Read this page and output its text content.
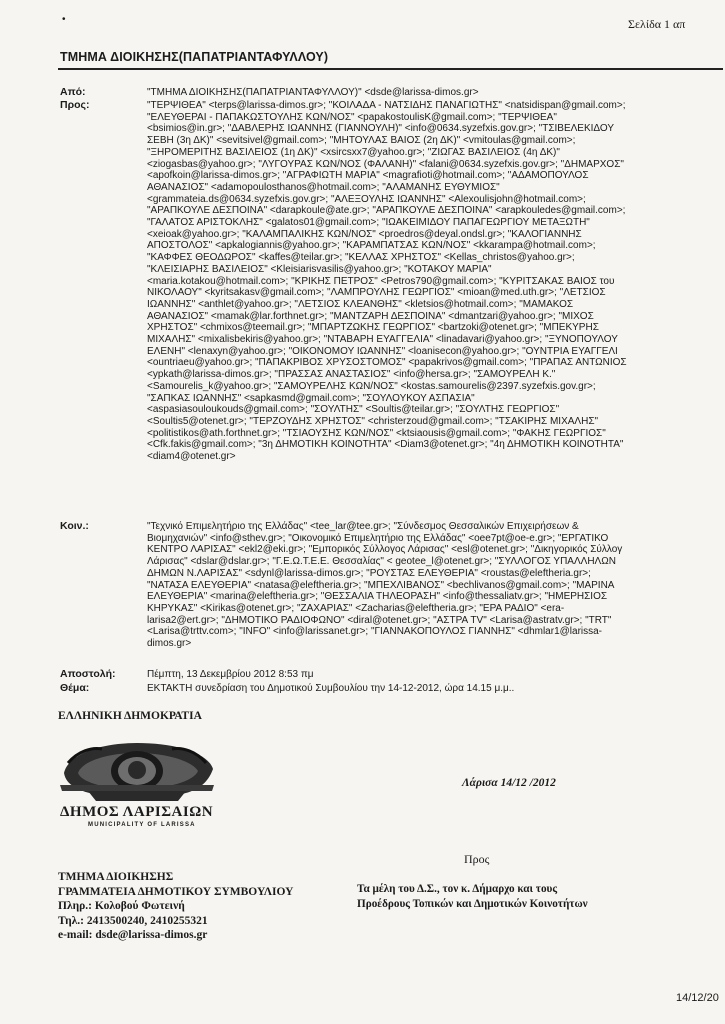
Σελίδα 1 απ
•
ΤΜΗΜΑ ΔΙΟΙΚΗΣΗΣ(ΠΑΠΑΤΡΙΑΝΤΑΦΥΛΛΟΥ)
Από:	"ΤΜΗΜΑ ΔΙΟΙΚΗΣΗΣ(ΠΑΠΑΤΡΙΑΝΤΑΦΥΛΛΟΥ)" <dsde@larissa-dimos.gr>
Προς:	"ΤΕΡΨΙΘΕΑ" <terps@larissa-dimos.gr>; "ΚΟΙΛΑΔΑ - ΝΑΤΣΙΔΗΣ ΠΑΝΑΓΙΩΤΗΣ" <natsidispan@gmail.com>;
"ΕΛΕΥΘΕΡΑΙ - ΠΑΠΑΚΩΣΤΟΥΛΗΣ ΚΩΝ/ΝΟΣ" <papakostoulisK@gmail.com>; "ΤΕΡΨΙΘΕΑ"
<bsimios@in.gr>; "ΔΑΒΛΕΡΗΣ ΙΩΑΝΝΗΣ (ΓΙΑΝΝΟΥΛΗ)" <info@0634.syzefxis.gov.gr>; "ΤΣΙΒΕΛΕΚΙΔΟΥ
ΣΕΒΗ (3η ΔΚ)" <sevitsivel@gmail.com>; "ΜΗΤΟΥΛΑΣ ΒΑΙΟΣ (2η ΔΚ)" <vmitoulas@gmail.com>;
"ΞΗΡΟΜΕΡΙΤΗΣ ΒΑΣΙΛΕΙΟΣ (1η ΔΚ)" <xsircsxx7@yahoo.gr>; "ΖΙΩΓΑΣ ΒΑΣΙΛΕΙΟΣ (4η ΔΚ)"
<ziogasbas@yahoo.gr>; "ΛΥΓΟΥΡΑΣ ΚΩΝ/ΝΟΣ (ΦΑΛΑΝΗ)" <falani@0634.syzefxis.gov.gr>; "ΔΗΜΑΡΧΟΣ"
<apofkoin@larissa-dimos.gr>; "ΑΓΡΑΦΙΩΤΗ ΜΑΡΙΑ" <magrafioti@hotmail.com>; "ΑΔΑΜΟΠΟΥΛΟΣ
ΑΘΑΝΑΣΙΟΣ" <adamopoulosthanos@hotmail.com>; "ΑΛΑΜΑΝΗΣ ΕΥΘΥΜΙΟΣ"
<grammateia.ds@0634.syzefxis.gov.gr>; "ΑΛΕΞΟΥΛΗΣ ΙΩΑΝΝΗΣ" <Alexoulisjohn@hotmail.com>;
"ΑΡΑΠΚΟΥΛΕ ΔΕΣΠΟΙΝΑ" <darapkoule@ate.gr>; "ΑΡΑΠΚΟΥΛΕ ΔΕΣΠΟΙΝΑ" <arapkouledes@gmail.com>;
"ΓΑΛΑΤΟΣ ΑΡΙΣΤΟΚΛΗΣ" <galatos01@gmail.com>; "ΙΩΑΚΕΙΜΙΔΟΥ ΠΑΠΑΓΕΩΡΓΙΟΥ ΜΕΤΑΞΩΤΗ"
<xeioak@yahoo.gr>; "ΚΑΛΑΜΠΑΛΙΚΗΣ ΚΩΝ/ΝΟΣ" <proedros@deyal.ondsl.gr>; "ΚΑΛΟΓΙΑΝΝΗΣ
ΑΠΟΣΤΟΛΟΣ" <apkalogiannis@yahoo.gr>; "ΚΑΡΑΜΠΑΤΣΑΣ ΚΩΝ/ΝΟΣ" <kkarampa@hotmail.com>;
"ΚΑΦΦΕΣ ΘΕΟΔΩΡΟΣ" <kaffes@teilar.gr>; "ΚΕΛΛΑΣ ΧΡΗΣΤΟΣ" <Kellas_christos@yahoo.gr>;
"ΚΛΕΙΣΙΑΡΗΣ ΒΑΣΙΛΕΙΟΣ" <Kleisiarisvasilis@yahoo.gr>; "ΚΟΤΑΚΟΥ ΜΑΡΙΑ"
<maria.kotakou@hotmail.com>; "ΚΡΙΚΗΣ ΠΕΤΡΟΣ" <Petros790@gmail.com>; "ΚΥΡΙΤΣΑΚΑΣ ΒΑΙΟΣ του
ΝΙΚΟΛΑΟΥ" <kyritsakasv@gmail.com>; "ΛΑΜΠΡΟΥΛΗΣ ΓΕΩΡΓΙΟΣ" <mioan@med.uth.gr>; "ΛΕΤΣΙΟΣ
ΙΩΑΝΝΗΣ" <anthlet@yahoo.gr>; "ΛΕΤΣΙΟΣ ΚΛΕΑΝΘΗΣ" <kletsios@hotmail.com>; "ΜΑΜΑΚΟΣ
ΑΘΑΝΑΣΙΟΣ" <mamak@lar.forthnet.gr>; "ΜΑΝΤΖΑΡΗ ΔΕΣΠΟΙΝΑ" <dmantzari@yahoo.gr>; "ΜΙΧΟΣ
ΧΡΗΣΤΟΣ" <chmixos@teemail.gr>; "ΜΠΑΡΤΖΩΚΗΣ ΓΕΩΡΓΙΟΣ" <bartzoki@otenet.gr>; "ΜΠΕΚΥΡΗΣ
ΜΙΧΑΛΗΣ" <mixalisbekiris@yahoo.gr>; "ΝΤΑΒΑΡΗ ΕΥΑΓΓΕΛΙΑ" <linadavari@yahoo.gr>; "ΞΥΝΟΠΟΥΛΟΥ
ΕΛΕΝΗ" <lenaxyn@yahoo.gr>; "ΟΙΚΟΝΟΜΟΥ ΙΩΑΝΝΗΣ" <loanisecon@yahoo.gr>; "ΟΥΝΤΡΙΑ ΕΥΑΓΓΕΛΙ
<ountriaeu@yahoo.gr>; "ΠΑΠΑΚΡΙΒΟΣ ΧΡΥΣΟΣΤΟΜΟΣ" <papakrivos@gmail.com>; "ΠΡΑΠΑΣ ΑΝΤΩΝΙΟΣ
<ypkath@larissa-dimos.gr>; "ΠΡΑΣΣΑΣ ΑΝΑΣΤΑΣΙΟΣ" <info@hersa.gr>; "ΣΑΜΟΥΡΕΛΗ Κ."
<Samourelis_k@yahoo.gr>; "ΣΑΜΟΥΡΕΛΗΣ ΚΩΝ/ΝΟΣ" <kostas.samourelis@2397.syzefxis.gov.gr>;
"ΣΑΠΚΑΣ ΙΩΑΝΝΗΣ" <sapkasmd@gmail.com>; "ΣΟΥΛΟΥΚΟΥ ΑΣΠΑΣΙΑ"
<aspasiasouloukouds@gmail.com>; "ΣΟΥΛΤΗΣ" <Soultis@teilar.gr>; "ΣΟΥΛΤΗΣ ΓΕΩΡΓΙΟΣ"
<Soultis5@otenet.gr>; "ΤΕΡΖΟΥΔΗΣ ΧΡΗΣΤΟΣ" <christerzoud@gmail.com>; "ΤΣΑΚΙΡΗΣ ΜΙΧΑΛΗΣ"
<politistikos@ath.forthnet.gr>; "ΤΣΙΑΟΥΣΗΣ ΚΩΝ/ΝΟΣ" <ktsiaousis@gmail.com>; "ΦΑΚΗΣ ΓΕΩΡΓΙΟΣ"
<Cfk.fakis@gmail.com>; "3η ΔΗΜΟΤΙΚΗ ΚΟΙΝΟΤΗΤΑ" <Diam3@otenet.gr>; "4η ΔΗΜΟΤΙΚΗ ΚΟΙΝΟΤΗΤΑ"
<diam4@otenet.gr>
Κοιν.:	"Τεχνικό Επιμελητήριο της Ελλάδας" <tee_lar@tee.gr>; "Σύνδεσμος Θεσσαλικών Επιχειρήσεων &
Βιομηχανιών" <info@sthev.gr>; "Οικονομικό Επιμελητήριο της Ελλάδας" <oee7pt@oe-e.gr>; "ΕΡΓΑΤΙΚΟ
ΚΕΝΤΡΟ ΛΑΡΙΣΑΣ" <ekl2@eki.gr>; "Εμπορικός Σύλλογος Λάρισας" <esl@otenet.gr>; "Δικηγορικός Σύλλογ
Λάρισας" <dslar@dslar.gr>; "Γ.Ε.Ω.Τ.Ε.Ε. Θεσσαλίας" < geotee_l@otenet.gr>; "ΣΥΛΛΟΓΟΣ ΥΠΑΛΛΗΛΩΝ
ΔΗΜΩΝ Ν.ΛΑΡΙΣΑΣ" <sdynl@larissa-dimos.gr>; "ΡΟΥΣΤΑΣ ΕΛΕΥΘΕΡΙΑ" <roustas@eleftheria.gr>;
"ΝΑΤΑΣΑ ΕΛΕΥΘΕΡΙΑ" <natasa@eleftheria.gr>; "ΜΠΕΧΛΙΒΑΝΟΣ" <bechlivanos@gmail.com>; "ΜΑΡΙΝΑ
ΕΛΕΥΘΕΡΙΑ" <marina@eleftheria.gr>; "ΘΕΣΣΑΛΙΑ ΤΗΛΕΟΡΑΣΗ" <info@thessaliatv.gr>; "ΗΜΕΡΗΣΙΟΣ
ΚΗΡΥΚΑΣ" <Kirikas@otenet.gr>; "ΖΑΧΑΡΙΑΣ" <Zacharias@eleftheria.gr>; "ΕΡΑ ΡΑΔΙΟ" <era-
larisa2@ert.gr>; "ΔΗΜΟΤΙΚΟ ΡΑΔΙΟΦΩΝΟ" <diral@otenet.gr>; "ΑΣΤΡΑ TV" <Larisa@astratv.gr>; "TRT"
<Larisa@trttv.com>; "INFO" <info@larissanet.gr>; "ΓΙΑΝΝΑΚΟΠΟΥΛΟΣ ΓΙΑΝΝΗΣ" <dhmlar1@larissa-
dimos.gr>
Αποστολή:	Πέμπτη, 13 Δεκεμβρίου 2012 8:53 πμ
Θέμα:	ΕΚΤΑΚΤΗ συνεδρίαση του Δημοτικού Συμβουλίου την 14-12-2012, ώρα 14.15 μ.μ..
ΕΛΛΗΝΙΚΗ ΔΗΜΟΚΡΑΤΙΑ
ΔΗΜΟΣ ΛΑΡΙΣΑΙΩΝ
MUNICIPALITY OF LARISSA
Λάρισα 14/12 /2012
Προς
ΤΜΗΜΑ ΔΙΟΙΚΗΣΗΣ
ΓΡΑΜΜΑΤΕΙΑ ΔΗΜΟΤΙΚΟΥ ΣΥΜΒΟΥΛΙΟΥ
Πληρ.: Κολοβού Φωτεινή
Τηλ.: 2413500240, 2410255321
e-mail: dsde@larissa-dimos.gr
Τα μέλη του Δ.Σ., τον κ. Δήμαρχο και τους
Προέδρους Τοπικών και Δημοτικών Κοινοτήτων
14/12/20
